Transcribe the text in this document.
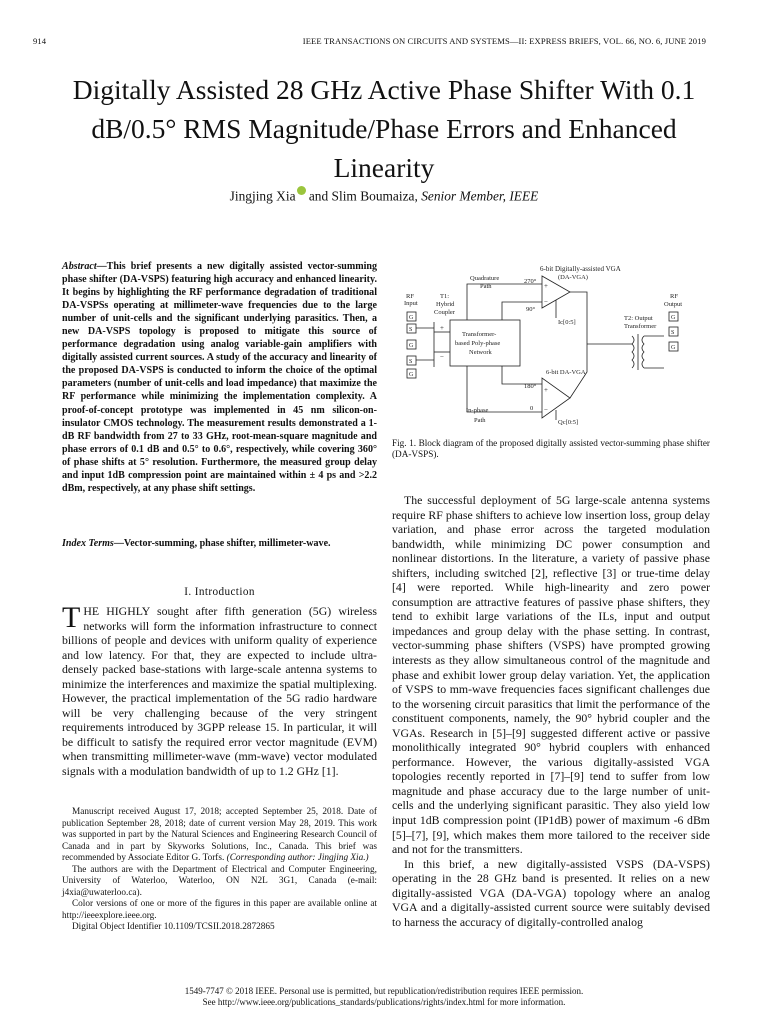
914	IEEE TRANSACTIONS ON CIRCUITS AND SYSTEMS—II: EXPRESS BRIEFS, VOL. 66, NO. 6, JUNE 2019
Digitally Assisted 28 GHz Active Phase Shifter With 0.1 dB/0.5° RMS Magnitude/Phase Errors and Enhanced Linearity
Jingjing Xia and Slim Boumaiza, Senior Member, IEEE
Abstract—This brief presents a new digitally assisted vector-summing phase shifter (DA-VSPS) featuring high accuracy and enhanced linearity. It begins by highlighting the RF performance degradation of traditional DA-VSPSs operating at millimeter-wave frequencies due to the large number of unit-cells and the significant underlying parasitics. Then, a new DA-VSPS topology is proposed to mitigate this source of performance degradation using analog variable-gain amplifiers with digitally assisted current sources. A study of the accuracy and linearity of the proposed DA-VSPS is conducted to inform the choice of the optimal parameters (number of unit-cells and load impedance) that maximize the RF performance while minimizing the implementation complexity. A proof-of-concept prototype was implemented in 45 nm silicon-on-insulator CMOS technology. The measurement results demonstrated a 1-dB RF bandwidth from 27 to 33 GHz, root-mean-square magnitude and phase errors of 0.1 dB and 0.5° to 0.6°, respectively, while covering 360° of phase shifts at 5° resolution. Furthermore, the measured group delay and input 1dB compression point are maintained within ± 4 ps and >2.2 dBm, respectively, at any phase shift settings.
Index Terms—Vector-summing, phase shifter, millimeter-wave.
I. Introduction
THE HIGHLY sought after fifth generation (5G) wireless networks will form the information infrastructure to connect billions of people and devices with uniform quality of experience and low latency. For that, they are expected to include ultra-densely packed base-stations with large-scale antenna systems to minimize the interferences and maximize the spatial multiplexing. However, the practical implementation of the 5G radio hardware will be very challenging because of the very stringent requirements introduced by 3GPP release 15. In particular, it will be difficult to satisfy the required error vector magnitude (EVM) when transmitting millimeter-wave (mm-wave) vector modulated signals with a modulation bandwidth of up to 1.2 GHz [1].

Manuscript received August 17, 2018; accepted September 25, 2018. Date of publication September 28, 2018; date of current version May 28, 2019. This work was supported in part by the Natural Sciences and Engineering Research Council of Canada and in part by Skyworks Solutions, Inc., Canada. This brief was recommended by Associate Editor G. Torfs. (Corresponding author: Jingjing Xia.)

The authors are with the Department of Electrical and Computer Engineering, University of Waterloo, Waterloo, ON N2L 3G1, Canada (e-mail: j4xia@uwaterloo.ca).

Color versions of one or more of the figures in this paper are available online at http://ieeexplore.ieee.org.

Digital Object Identifier 10.1109/TCSII.2018.2872865

6-bit Digitally-assisted VGA
(DA-VGA)
Quadrature
Path
RF
Input
T1:
Hybrid
Coupler
Transformer-
based Poly-phase
Network
270°
90°
180°
0
Ic[0:5]
Qc[0:5]
6-bit DA-VGA
In-phase
Path
T2: Output
Transformer
RF
Output
G
S
G
S
G
G
S
G
+
−
+
−
+
−
Fig. 1. Block diagram of the proposed digitally assisted vector-summing phase shifter (DA-VSPS).

The successful deployment of 5G large-scale antenna systems require RF phase shifters to achieve low insertion loss, group delay variation, and phase error across the targeted modulation bandwidth, while minimizing DC power consumption and nonlinear distortions. In the literature, a variety of passive phase shifters, including switched [2], reflective [3] or true-time delay [4] were reported. While high-linearity and zero power consumption are attractive features of passive phase shifters, they tend to exhibit large variations of the ILs, input and output impedances and group delay with the phase setting. In contrast, vector-summing phase shifters (VSPS) have prompted growing interests as they allow simultaneous control of the magnitude and phase and exhibit lower group delay variation. Yet, the application of VSPS to mm-wave frequencies faces significant challenges due to the worsening circuit parasitics that limit the performance of the constituent components, namely, the 90° hybrid coupler and the VGAs. Research in [5]–[9] suggested different active or passive monolithically integrated 90° hybrid couplers with enhanced performance. However, the various digitally-assisted VGA topologies recently reported in [7]–[9] tend to suffer from low magnitude and phase accuracy due to the large number of unit-cells and the underlying significant parasitic. They also yield low input 1dB compression point (IP1dB) power of maximum -6 dBm [5]–[7], [9], which makes them more tailored to the receiver side and not for the transmitters.

In this brief, a new digitally-assisted VSPS (DA-VSPS) operating in the 28 GHz band is presented. It relies on a new digitally-assisted VGA (DA-VGA) topology where an analog VGA and a digitally-assisted current source were suitably devised to harness the accuracy of digitally-controlled analog

1549-7747 © 2018 IEEE. Personal use is permitted, but republication/redistribution requires IEEE permission.
See http://www.ieee.org/publications_standards/publications/rights/index.html for more information.
